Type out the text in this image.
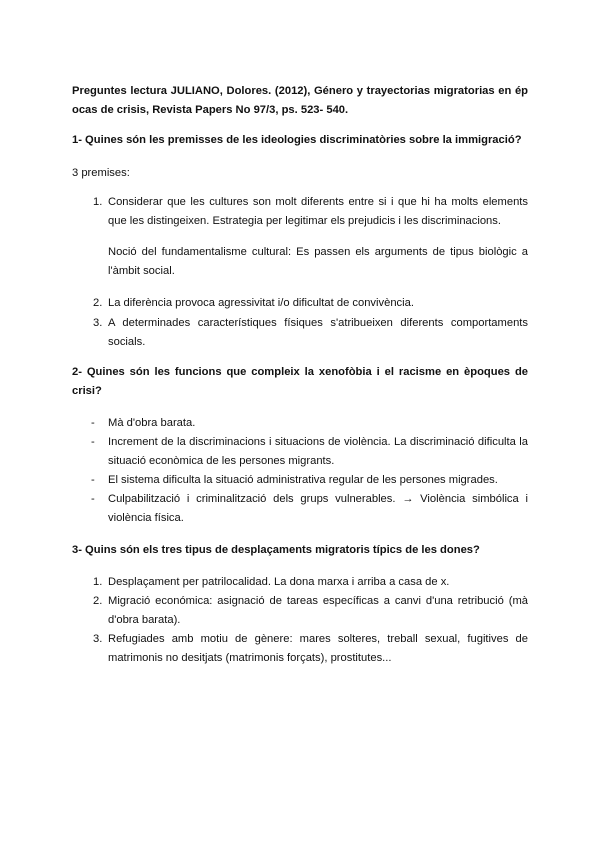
Preguntes lectura JULIANO, Dolores. (2012), Género y trayectorias migratorias en ép
ocas de crisis, Revista Papers No 97/3, ps. 523- 540.
1- Quines són les premisses de les ideologies discriminatòries sobre la immigració?
3 premises:
1. Considerar que les cultures son molt diferents entre si i que hi ha molts elements que les distingeixen. Estrategia per legitimar els prejudicis i les discriminacions.
Noció del fundamentalisme cultural: Es passen els arguments de tipus biològic a l'àmbit social.
2. La diferència provoca agressivitat i/o dificultat de convivència.
3. A determinades característiques físiques s'atribueixen diferents comportaments socials.
2- Quines són les funcions que compleix la xenofòbia i el racisme en èpoques de crisi?
- Mà d'obra barata.
- Increment de la discriminacions i situacions de violència. La discriminació dificulta la situació econòmica de les persones migrants.
- El sistema dificulta la situació administrativa regular de les persones migrades.
- Culpabilització i criminalització dels grups vulnerables. → Violència simbólica i violència física.
3- Quins són els tres tipus de desplaçaments migratoris típics de les dones?
1. Desplaçament per patrilocalidad. La dona marxa i arriba a casa de x.
2. Migració económica: asignació de tareas específicas a canvi d'una retribució (mà d'obra barata).
3. Refugiades amb motiu de gènere: mares solteres, treball sexual, fugitives de matrimonis no desitjats (matrimonis forçats), prostitutes...
